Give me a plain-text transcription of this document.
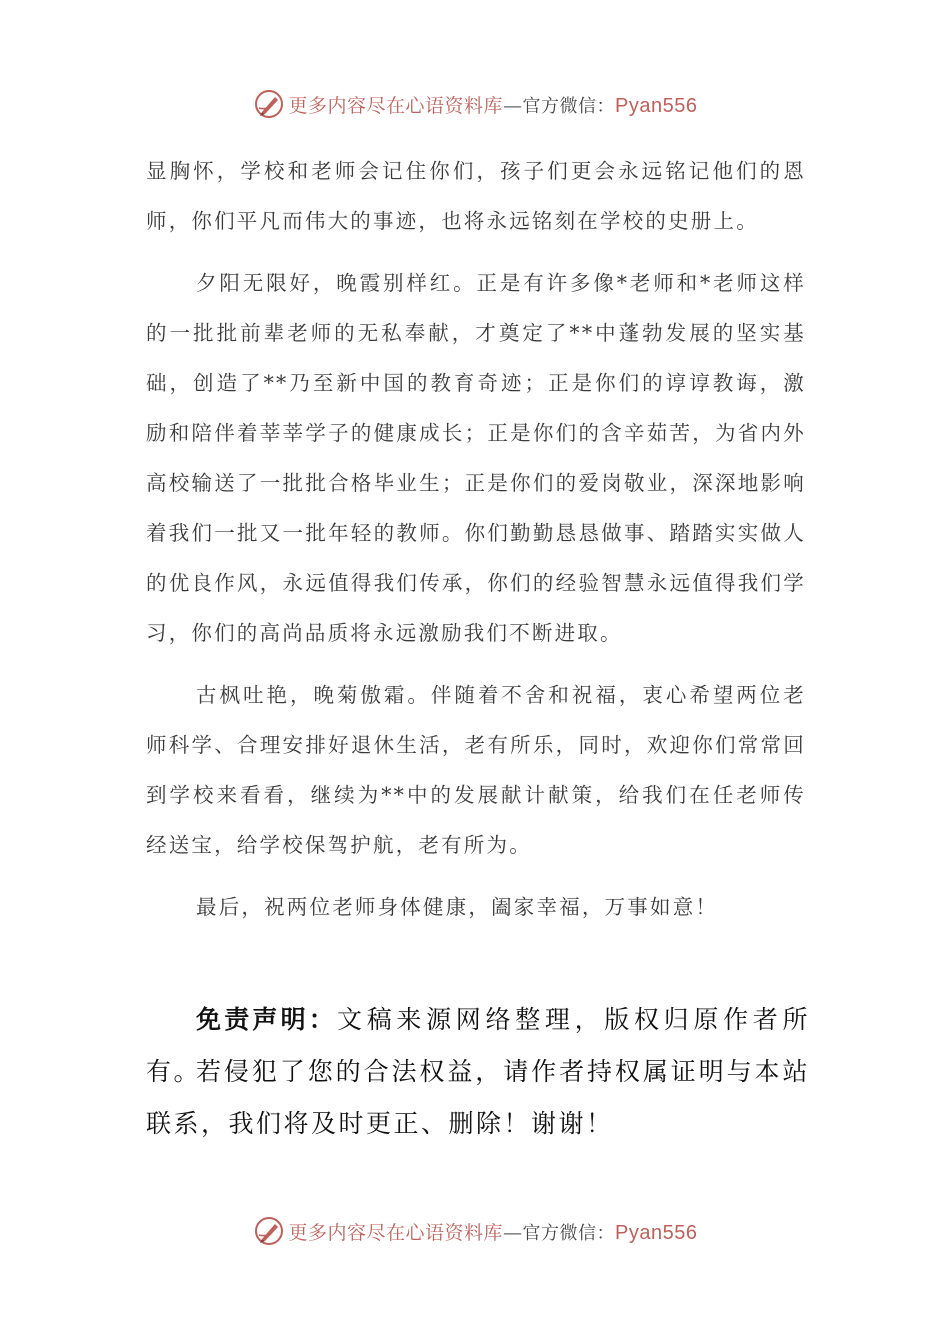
更多内容尽在心语资料库—官方微信：Pyan556

显胸怀，学校和老师会记住你们，孩子们更会永远铭记他们的恩师，你们平凡而伟大的事迹，也将永远铭刻在学校的史册上。

夕阳无限好，晚霞别样红。正是有许多像*老师和*老师这样的一批批前辈老师的无私奉献，才奠定了**中蓬勃发展的坚实基础，创造了**乃至新中国的教育奇迹；正是你们的谆谆教诲，激励和陪伴着莘莘学子的健康成长；正是你们的含辛茹苦，为省内外高校输送了一批批合格毕业生；正是你们的爱岗敬业，深深地影响着我们一批又一批年轻的教师。你们勤勤恳恳做事、踏踏实实做人的优良作风，永远值得我们传承，你们的经验智慧永远值得我们学习，你们的高尚品质将永远激励我们不断进取。

古枫吐艳，晚菊傲霜。伴随着不舍和祝福，衷心希望两位老师科学、合理安排好退休生活，老有所乐，同时，欢迎你们常常回到学校来看看，继续为**中的发展献计献策，给我们在任老师传经送宝，给学校保驾护航，老有所为。

最后，祝两位老师身体健康，阖家幸福，万事如意！

免责声明：文稿来源网络整理，版权归原作者所有。

若侵犯了您的合法权益，请作者持权属证明与本站联系，我们将及时更正、删除！谢谢！

更多内容尽在心语资料库—官方微信：Pyan556
